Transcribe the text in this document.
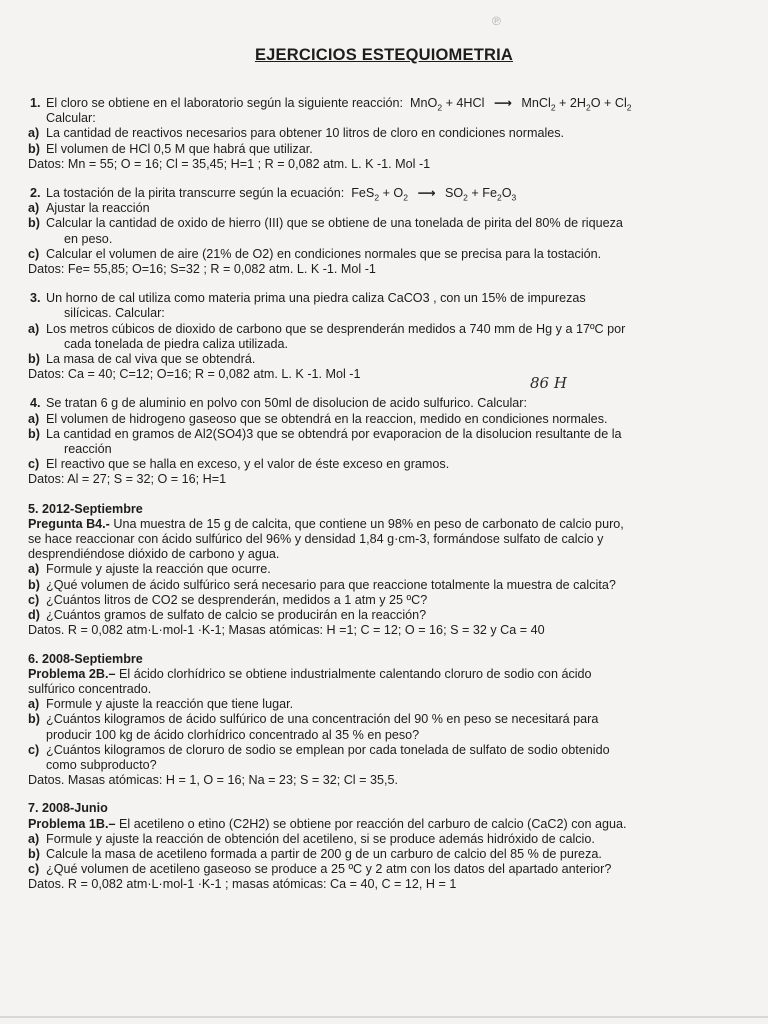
℗
EJERCICIOS ESTEQUIOMETRIA
1. El cloro se obtiene en el laboratorio según la siguiente reacción: MnO$_2$ + 4HCl ⟶ MnCl$_2$ + $2H_2O + Cl_2$
Calcular:
a) La cantidad de reactivos necesarios para obtener 10 litros de cloro en condiciones normales.
b) El volumen de HCl 0,5 M que habrá que utilizar.
Datos: Mn = 55; O = 16; Cl = 35,45; H=1 ; R = 0,082 atm. L. K -1. Mol -1
2. La tostación de la pirita transcurre según la ecuación: $FeS_2 + O_2$ ⟶ $SO_2 + Fe_2O_3$
a) Ajustar la reacción
b) Calcular la cantidad de oxido de hierro (III) que se obtiene de una tonelada de pirita del 80% de riqueza
en peso.
c) Calcular el volumen de aire (21% de O2) en condiciones normales que se precisa para la tostación.
Datos: Fe= 55,85; O=16; S=32 ; R = 0,082 atm. L. K -1. Mol -1
3. Un horno de cal utiliza como materia prima una piedra caliza CaCO3 , con un 15% de impurezas
silícicas. Calcular:
a) Los metros cúbicos de dioxido de carbono que se desprenderán medidos a 740 mm de Hg y a 17ºC por
cada tonelada de piedra caliza utilizada.
b) La masa de cal viva que se obtendrá.
Datos: Ca = 40; C=12; O=16; R = 0,082 atm. L. K -1. Mol -1
4. Se tratan 6 g de aluminio en polvo con 50ml de disolucion de acido sulfurico. Calcular:
a) El volumen de hidrogeno gaseoso que se obtendrá en la reaccion, medido en condiciones normales.
b) La cantidad en gramos de Al2(SO4)3 que se obtendrá por evaporacion de la disolucion resultante de la
reacción
c) El reactivo que se halla en exceso, y el valor de éste exceso en gramos.
Datos: Al = 27; S = 32; O = 16; H=1
5. 2012-Septiembre
Pregunta B4.- Una muestra de 15 g de calcita, que contiene un 98% en peso de carbonato de calcio puro,
se hace reaccionar con ácido sulfúrico del 96% y densidad 1,84 g·cm-3, formándose sulfato de calcio y
desprendiéndose dióxido de carbono y agua.
a) Formule y ajuste la reacción que ocurre.
b) ¿Qué volumen de ácido sulfúrico será necesario para que reaccione totalmente la muestra de calcita?
c) ¿Cuántos litros de CO2 se desprenderán, medidos a 1 atm y 25 ºC?
d) ¿Cuántos gramos de sulfato de calcio se producirán en la reacción?
Datos. R = 0,082 atm·L·mol-1 ·K-1; Masas atómicas: H =1; C = 12; O = 16; S = 32 y Ca = 40
6. 2008-Septiembre
Problema 2B.– El ácido clorhídrico se obtiene industrialmente calentando cloruro de sodio con ácido
sulfúrico concentrado.
a) Formule y ajuste la reacción que tiene lugar.
b) ¿Cuántos kilogramos de ácido sulfúrico de una concentración del 90 % en peso se necesitará para
producir 100 kg de ácido clorhídrico concentrado al 35 % en peso?
c) ¿Cuántos kilogramos de cloruro de sodio se emplean por cada tonelada de sulfato de sodio obtenido
como subproducto?
Datos. Masas atómicas: H = 1, O = 16; Na = 23; S = 32; Cl = 35,5.
7. 2008-Junio
Problema 1B.– El acetileno o etino (C2H2) se obtiene por reacción del carburo de calcio (CaC2) con agua.
a) Formule y ajuste la reacción de obtención del acetileno, si se produce además hidróxido de calcio.
b) Calcule la masa de acetileno formada a partir de 200 g de un carburo de calcio del 85 % de pureza.
c) ¿Qué volumen de acetileno gaseoso se produce a 25 ºC y 2 atm con los datos del apartado anterior?
Datos. R = 0,082 atm·L·mol-1 ·K-1 ; masas atómicas: Ca = 40, C = 12, H = 1
86 H
